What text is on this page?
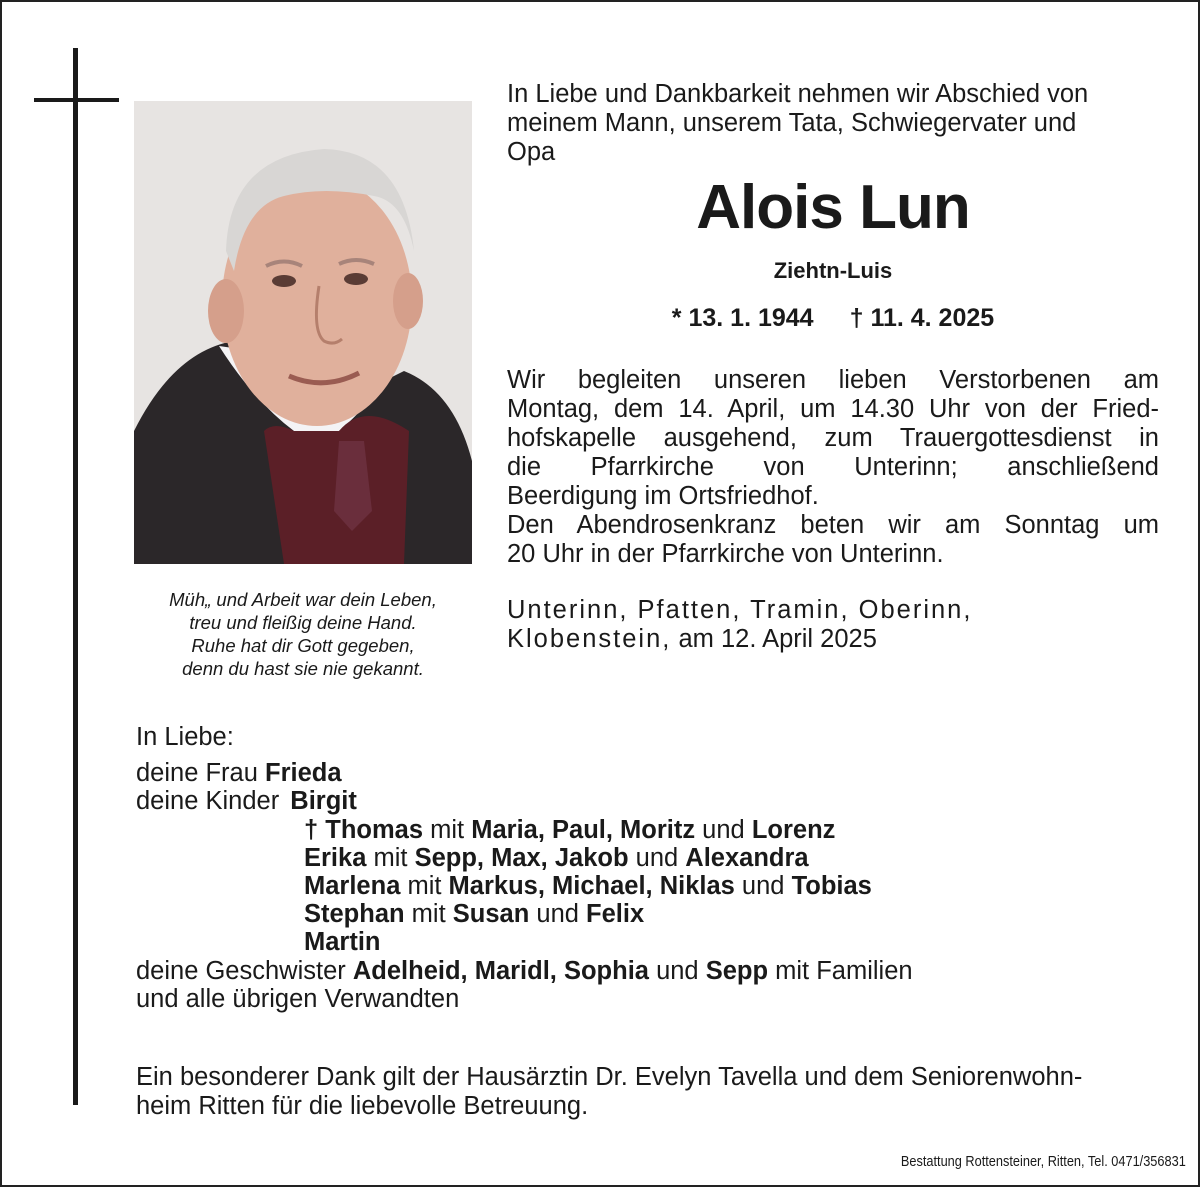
Müh„ und Arbeit war dein Leben,
treu und fleißig deine Hand.
Ruhe hat dir Gott gegeben,
denn du hast sie nie gekannt.
In Liebe und Dankbarkeit nehmen wir Abschied von
meinem Mann, unserem Tata, Schwiegervater und
Opa
Alois Lun
Ziehtn-Luis
* 13. 1. 1944 † 11. 4. 2025
Wir begleiten unseren lieben Verstorbenen am
Montag, dem 14. April, um 14.30 Uhr von der Fried-
hofskapelle ausgehend, zum Trauergottesdienst in
die Pfarrkirche von Unterinn; anschließend
Beerdigung im Ortsfriedhof.
Den Abendrosenkranz beten wir am Sonntag um
20 Uhr in der Pfarrkirche von Unterinn.
Unterinn, Pfatten, Tramin, Oberinn,
Klobenstein, am 12. April 2025
In Liebe:
deine Frau Frieda
deine Kinder Birgit
† Thomas mit Maria, Paul, Moritz und Lorenz
Erika mit Sepp, Max, Jakob und Alexandra
Marlena mit Markus, Michael, Niklas und Tobias
Stephan mit Susan und Felix
Martin
deine Geschwister Adelheid, Maridl, Sophia und Sepp mit Familien
und alle übrigen Verwandten
Ein besonderer Dank gilt der Hausärztin Dr. Evelyn Tavella und dem Seniorenwohn-
heim Ritten für die liebevolle Betreuung.
Bestattung Rottensteiner, Ritten, Tel. 0471/356831
